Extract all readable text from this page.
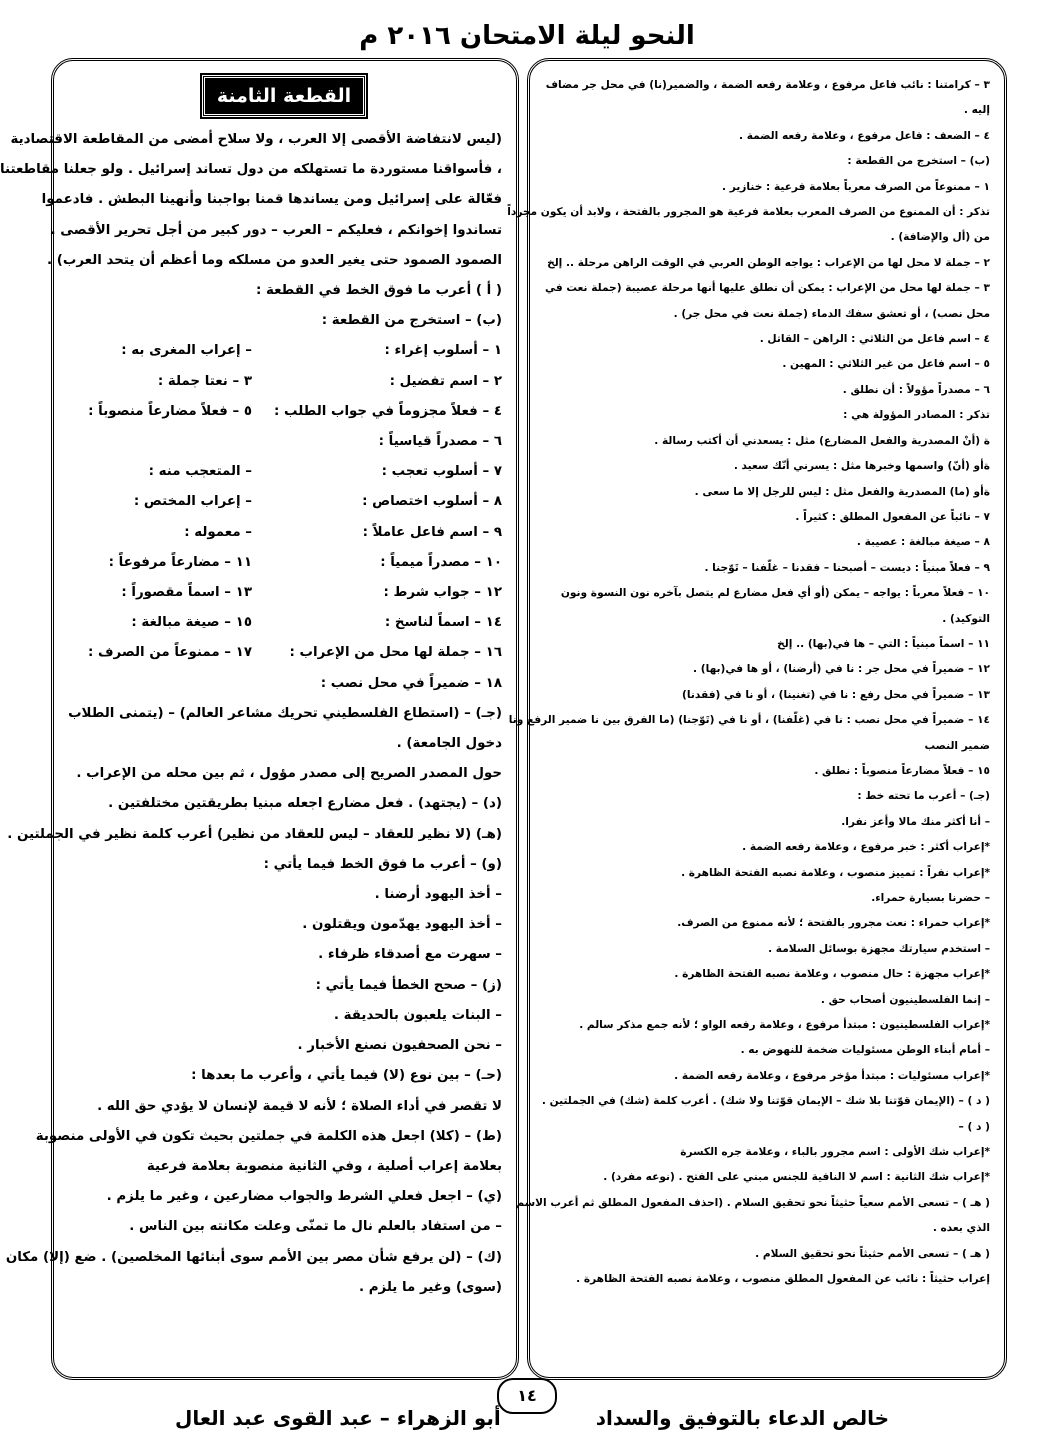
النحو ليلة الامتحان ٢٠١٦ م
٣ – كرامتنا : نائب فاعل مرفوع ، وعلامة رفعه الضمة ، والضمير(نا) في محل جر مضاف
إليه .
٤ – الضعف : فاعل مرفوع ، وعلامة رفعه الضمة .
(ب) – استخرج من القطعة :
١ – ممنوعاً من الصرف معرباً بعلامة فرعية : خنازير .
تذكر : أن الممنوع من الصرف المعرب بعلامة فرعية هو المجرور بالفتحة ، ولابد أن يكون مجرداً
من (أل والإضافة) .
٢ – جملة لا محل لها من الإعراب : يواجه الوطن العربي في الوقت الراهن مرحلة .. إلخ
٣ – جملة لها محل من الإعراب : يمكن أن نطلق عليها أنها مرحلة عصيبة (جملة نعت في
محل نصب) ، أو تعشق سفك الدماء (جملة نعت في محل جر) .
٤ – اسم فاعل من الثلاثي : الراهن – القاتل .
٥ – اسم فاعل من غير الثلاثي : المهين .
٦ – مصدراً مؤولاً : أن نطلق .
تذكر : المصادر المؤولة هي :
ة (أنْ المصدرية والفعل المضارع) مثل : يسعدني أن أكتب رسالة .
ةأو (أنّ) واسمها وخبرها مثل : يسرني أنّك سعيد .
ةأو (ما) المصدرية والفعل مثل : ليس للرجل إلا ما سعى .
٧ – نائباً عن المفعول المطلق : كثيراً .
٨ – صيغة مبالغة : عصيبة .
٩ – فعلاً مبنياً : ديست – أصبحنا – فقدنا – غلّفنا – تَوّجنا .
١٠ – فعلاً معرباً : يواجه – يمكن (أو أي فعل مضارع لم يتصل بآخره نون النسوة ونون
التوكيد) .
١١ – اسماً مبنياً : التي – ها في(بها) .. إلخ
١٢ – ضميراً في محل جر : نا في (أرضنا) ، أو ها في(بها) .
١٣ – ضميراً في محل رفع : نا في (تغنينا) ، أو نا في (فقدنا)
١٤ – ضميراً في محل نصب : نا في (غلّفنا) ، أو نا في (تَوّجنا) (ما الفرق بين نا ضمير الرفع ونا
ضمير النصب
١٥ – فعلاً مضارعاً منصوباً : نطلق .
(جـ) – أعرب ما تحته خط :
– أنا أكثر منك مالا وأعز نفرا.
*إعراب أكثر : خبر مرفوع ، وعلامة رفعه الضمة .
*إعراب نفراً : تمييز منصوب ، وعلامة نصبه الفتحة الظاهرة .
– حضرنا بسيارة حمراء.
*إعراب حمراء : نعت مجرور بالفتحة ؛ لأنه ممنوع من الصرف.
– استخدم سيارتك مجهزة بوسائل السلامة .
*إعراب مجهزة : حال منصوب ، وعلامة نصبه الفتحة الظاهرة .
– إنما الفلسطينيون أصحاب حق .
*إعراب الفلسطينيون : مبتدأ مرفوع ، وعلامة رفعه الواو ؛ لأنه جمع مذكر سالم .
– أمام أبناء الوطن مسئوليات ضخمة للنهوض به .
*إعراب مسئوليات : مبتدأ مؤخر مرفوع ، وعلامة رفعه الضمة .
( د ) – (الإيمان قوّتنا بلا شك – الإيمان قوّتنا ولا شك) . أعرب كلمة (شك) في الجملتين .
( د ) –
*إعراب شك الأولى : اسم مجرور بالباء ، وعلامة جره الكسرة
*إعراب شك الثانية : اسم لا النافية للجنس مبني على الفتح . (نوعه مفرد) .
( هـ ) – تسعى الأمم سعياً حثيثاً نحو تحقيق السلام . (احذف المفعول المطلق ثم أعرب الاسم
الذي بعده .
( هـ ) – تسعى الأمم حثيثاً نحو تحقيق السلام .
إعراب حثيثاً : نائب عن المفعول المطلق منصوب ، وعلامة نصبه الفتحة الظاهرة .
القطعة الثامنة
(ليس لانتفاضة الأقصى إلا العرب ، ولا سلاح أمضى من المقاطعة الاقتصادية
، فأسواقنا مستوردة ما تستهلكه من دول تساند إسرائيل . ولو جعلنا مقاطعتنا
فعّالة على إسرائيل ومن يساندها قمنا بواجبنا وأنهينا البطش . فادعموا
تساندوا إخوانكم ، فعليكم – العرب – دور كبير من أجل تحرير الأقصى .
الصمود الصمود حتى يغير العدو من مسلكه وما أعظم أن يتحد العرب) .
( أ ) أعرب ما فوق الخط في القطعة :
(ب) – استخرج من القطعة :
١ – أسلوب إغراء :
– إعراب المغرى به :
٢ – اسم تفضيل :
٣ – نعتا جملة :
٤ – فعلاً مجزوماً في جواب الطلب :
٥ – فعلاً مضارعاً منصوباً :
٦ – مصدراً قياسياً :
٧ – أسلوب تعجب :
– المتعجب منه :
٨ – أسلوب اختصاص :
– إعراب المختص :
٩ – اسم فاعل عاملاً :
– معموله :
١٠ – مصدراً ميمياً :
١١ – مضارعاً مرفوعاً :
١٢ – جواب شرط :
١٣ – اسماً مقصوراً :
١٤ – اسماً لناسخ :
١٥ – صيغة مبالغة :
١٦ – جملة لها محل من الإعراب :
١٧ – ممنوعاً من الصرف :
١٨ – ضميراً في محل نصب :
(جـ) – (استطاع الفلسطيني تحريك مشاعر العالم) – (يتمنى الطلاب
دخول الجامعة) .
حول المصدر الصريح إلى مصدر مؤول ، ثم بين محله من الإعراب .
(د) – (يجتهد) . فعل مضارع اجعله مبنيا بطريقتين مختلفتين .
(هـ) (لا نظير للعقاد – ليس للعقاد من نظير) أعرب كلمة نظير في الجملتين .
(و) – أعرب ما فوق الخط فيما يأتي :
– أخذ اليهود أرضنا .
– أخذ اليهود يهدّمون ويقتلون .
– سهرت مع أصدقاء ظرفاء .
(ز) – صحح الخطأ فيما يأتي :
– البنات يلعبون بالحديقة .
– نحن الصحفيون نصنع الأخبار .
(حـ) – بين نوع (لا) فيما يأتي ، وأعرب ما بعدها :
لا تقصر في أداء الصلاة ؛ لأنه لا قيمة لإنسان لا يؤدي حق الله .
(ط) – (كلا) اجعل هذه الكلمة في جملتين بحيث تكون في الأولى منصوبة
بعلامة إعراب أصلية ، وفي الثانية منصوبة بعلامة فرعية
(ي) – اجعل فعلي الشرط والجواب مضارعين ، وغير ما يلزم .
– من استفاد بالعلم نال ما تمنّى وعلت مكانته بين الناس .
(ك) – (لن يرفع شأن مصر بين الأمم سوى أبنائها المخلصين) . ضع (إلا) مكان
(سوى) وغير ما يلزم .
خالص الدعاء بالتوفيق والسداد
١٤
أبو الزهراء – عبد القوى عبد العال
